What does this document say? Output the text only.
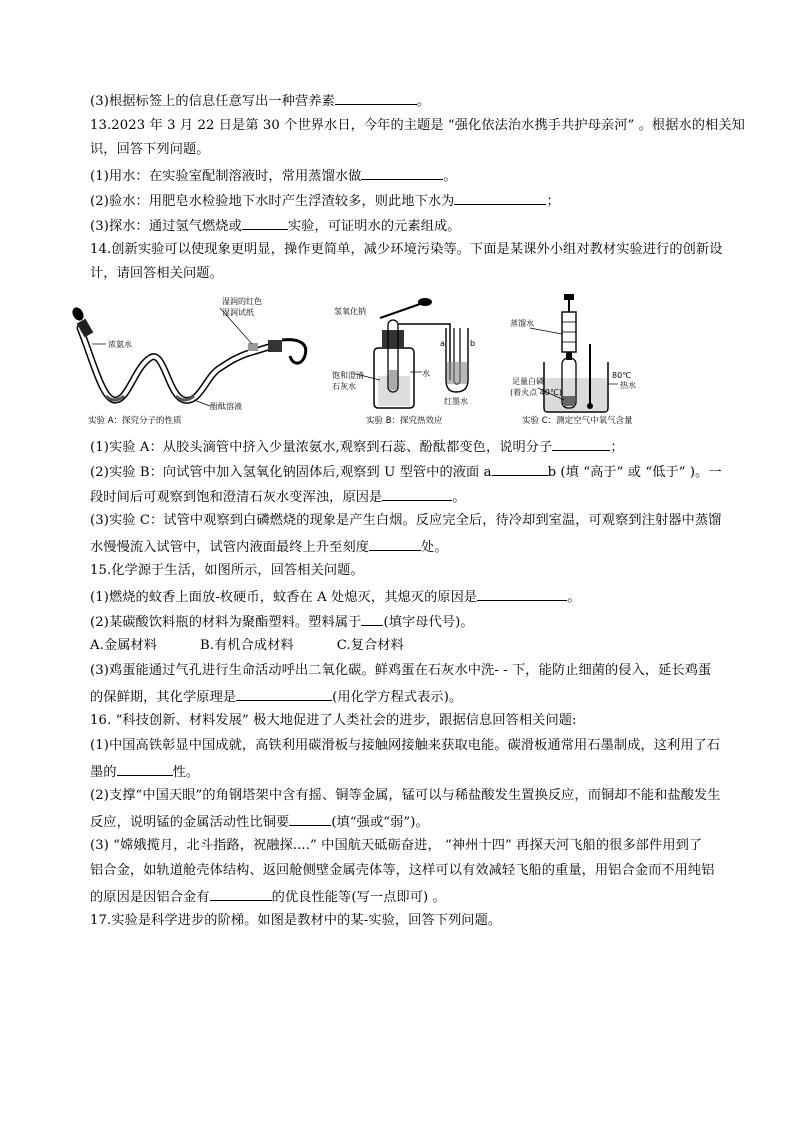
(3)根据标签上的信息任意写出一种营养素	。
13.2023 年 3 月 22 日是第 30 个世界水日，今年的主题是 “强化依法治水携手共护母亲河” 。根据水的相关知
识，回答下列问题。
(1)用水：在实验室配制溶液时，常用蒸馏水做	。
(2)验水：用肥皂水检验地下水时产生浮渣较多，则此地下水为	；
(3)探水：通过氢气燃烧或	实验，可证明水的元素组成。
14.创新实验可以使现象更明显，操作更简单，减少环境污染等。下面是某课外小组对教材实验进行的创新设
计，请回答相关问题。
浓氨水
湿润的红色
湿润试纸
酚酞溶液
实验 A：探究分子的性质
氢氧化钠
饱和澄清
石灰水
水
a	b
红墨水
实验 B：探究热效应
蒸馏水
足量白磷
(着火点 40℃)
80℃
热水
实验 C：测定空气中氧气含量
(1)实验 A：从胶头滴管中挤入少量浓氨水,观察到石蕊、酚酞都变色，说明分子	；
(2)实验 B：向试管中加入氢氧化钠固体后,观察到 U 型管中的液面 a	b (填 “高于” 或 “低于” )。一
段时间后可观察到饱和澄清石灰水变浑浊，原因是	。
(3)实验 C：试管中观察到白磷燃烧的现象是产生白烟。反应完全后，待冷却到室温，可观察到注射器中蒸馏
水慢慢流入试管中，试管内液面最终上升至刻度	处。
15.化学源于生活，如图所示，回答相关问题。
(1)燃烧的蚊香上面放-枚硬币，蚊香在 A 处熄灭，其熄灭的原因是	。
(2)某碳酸饮料瓶的材料为聚酯塑料。塑料属于 (填字母代号)。
A.金属材料          B.有机合成材料          C.复合材料
(3)鸡蛋能通过气孔进行生命活动呼出二氧化碳。鲜鸡蛋在石灰水中洗- - 下，能防止细菌的侵入，延长鸡蛋
的保鲜期，其化学原理是	(用化学方程式表示)。
16. “科技创新、材料发展” 极大地促进了人类社会的进步，跟据信息回答相关问题:
(1)中国高铁彰显中国成就，高铁利用碳滑板与接触网接触来获取电能。碳滑板通常用石墨制成，这利用了石
墨的	性。
(2)支撑“中国天眼”的角钢塔架中含有摇、铜等金属，锰可以与稀盐酸发生置换反应，而铜却不能和盐酸发生
反应，说明锰的金属活动性比铜要	(填“强或“弱”)。
(3) “嫦娥揽月，北斗指路，祝融探....” 中国航天砥砺奋进， “神州十四” 再探天河飞船的很多部件用到了
铝合金，如轨道舱壳体结构、返回舱侧壁金属壳体等，这样可以有效减轻飞船的重量，用铝合金而不用纯铝
的原因是因铝合金有	的优良性能等(写一点即可) 。
17.实验是科学进步的阶梯。如图是教材中的某-实验，回答下列问题。
